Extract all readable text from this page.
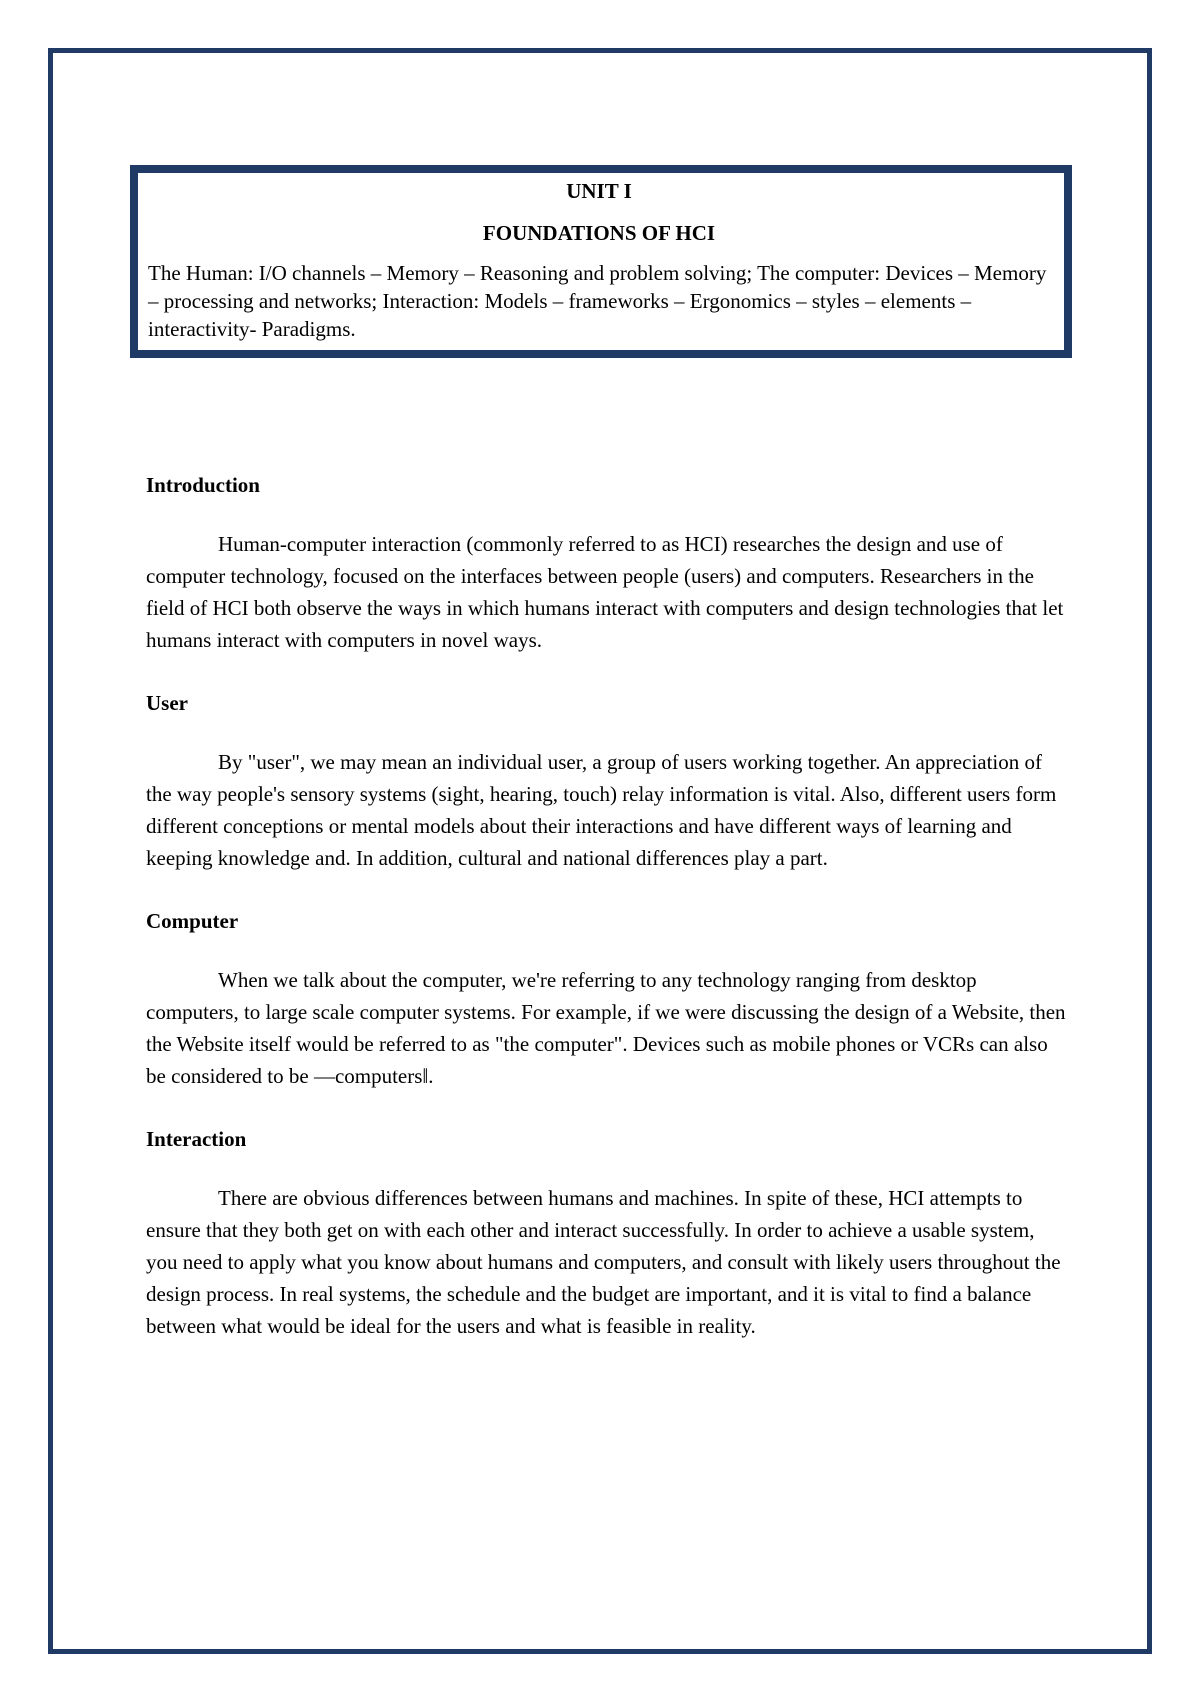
UNIT I

FOUNDATIONS OF HCI

The Human: I/O channels – Memory – Reasoning and problem solving; The computer: Devices – Memory – processing and networks; Interaction: Models – frameworks – Ergonomics – styles – elements – interactivity- Paradigms.

Introduction

Human-computer interaction (commonly referred to as HCI) researches the design and use of computer technology, focused on the interfaces between people (users) and computers. Researchers in the field of HCI both observe the ways in which humans interact with computers and design technologies that let humans interact with computers in novel ways.

User

By "user", we may mean an individual user, a group of users working together. An appreciation of the way people's sensory systems (sight, hearing, touch) relay information is vital. Also, different users form different conceptions or mental models about their interactions and have different ways of learning and keeping knowledge and. In addition, cultural and national differences play a part.

Computer

When we talk about the computer, we're referring to any technology ranging from desktop computers, to large scale computer systems. For example, if we were discussing the design of a Website, then the Website itself would be referred to as "the computer". Devices such as mobile phones or VCRs can also be considered to be ―computers‖.

Interaction

There are obvious differences between humans and machines. In spite of these, HCI attempts to ensure that they both get on with each other and interact successfully. In order to achieve a usable system, you need to apply what you know about humans and computers, and consult with likely users throughout the design process. In real systems, the schedule and the budget are important, and it is vital to find a balance between what would be ideal for the users and what is feasible in reality.
